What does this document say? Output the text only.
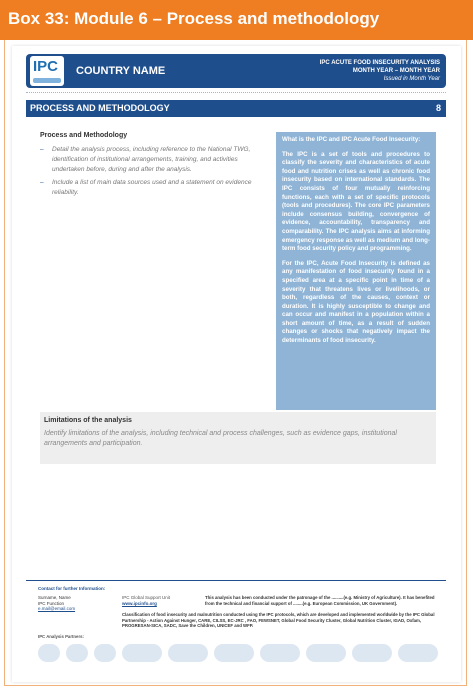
Box 33: Module 6 – Process and methodology
IPC COUNTRY NAME
IPC ACUTE FOOD INSECURITY ANALYSIS
MONTH YEAR – MONTH YEAR
Issued in Month Year
PROCESS AND METHODOLOGY	8
Process and Methodology
– Detail the analysis process, including reference to the National TWG, identification of institutional arrangements, training, and activities undertaken before, during and after the analysis.
– Include a list of main data sources used and a statement on evidence reliability.
What is the IPC and IPC Acute Food Insecurity:
The IPC is a set of tools and procedures to classify the severity and characteristics of acute food and nutrition crises as well as chronic food insecurity based on international standards. The IPC consists of four mutually reinforcing functions, each with a set of specific protocols (tools and procedures). The core IPC parameters include consensus building, convergence of evidence, accountability, transparency and comparability. The IPC analysis aims at informing emergency response as well as medium and long-term food security policy and programming.
For the IPC, Acute Food Insecurity is defined as any manifestation of food insecurity found in a specified area at a specific point in time of a severity that threatens lives or livelihoods, or both, regardless of the causes, context or duration. It is highly susceptible to change and can occur and manifest in a population within a short amount of time, as a result of sudden changes or shocks that negatively impact the determinants of food insecurity.
Limitations of the analysis
Identify limitations of the analysis, including technical and process challenges, such as evidence gaps, institutional arrangements and participation.
Contact for further Information:
Surname, Name
IPC Function
e.mail@email.com
IPC Global Support Unit
www.ipcinfo.org
This analysis has been conducted under the patronage of the ..........(e.g. Ministry of Agriculture). It has benefited from the technical and financial support of ........(e.g. European Commission, UK Government).
Classification of food insecurity and malnutrition conducted using the IPC protocols, which are developed and implemented worldwide by the IPC Global Partnership - Action Against Hunger, CARE, CILSS, EC-JRC , FAO, FEWSNET, Global Food Security Cluster, Global Nutrition Cluster, IGAD, Oxfam, PROGRESAN-SICA, SADC, Save the Children, UNICEF and WFP.
IPC Analysis Partners:
